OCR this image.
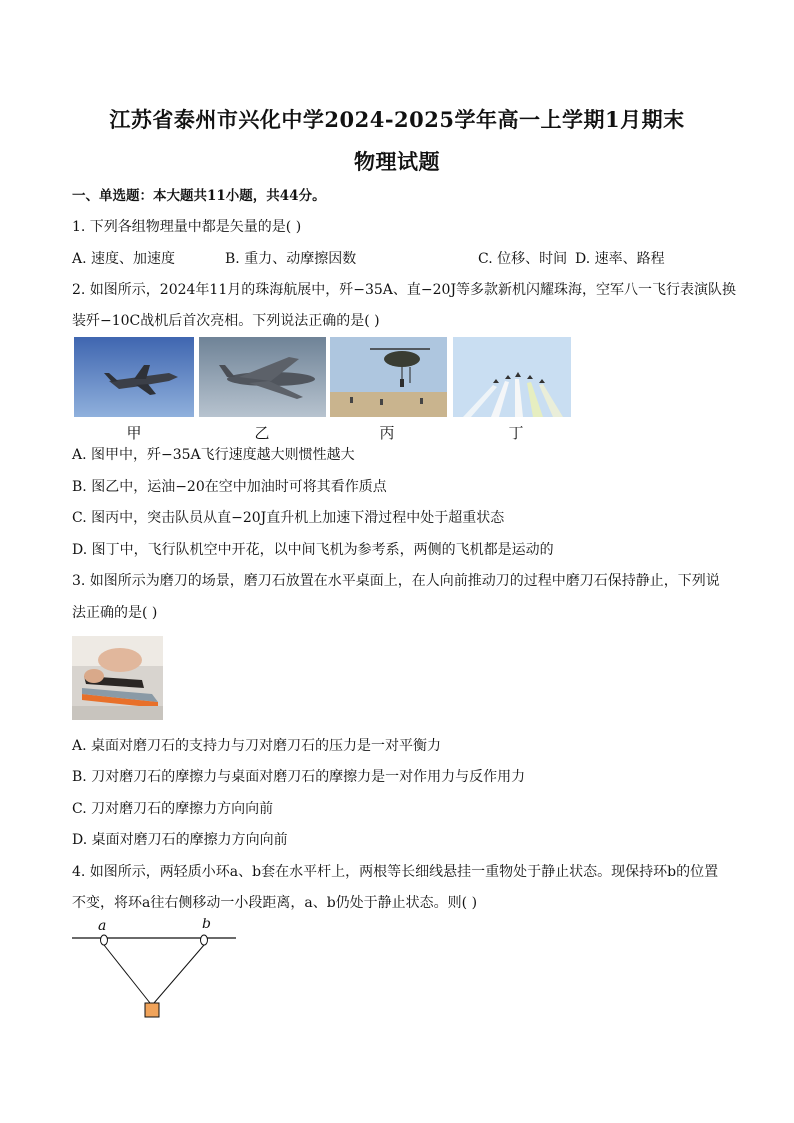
江苏省泰州市兴化中学2024-2025学年高一上学期1月期末
物理试题
一、单选题：本大题共11小题，共44分。
1. 下列各组物理量中都是矢量的是( )
A. 速度、加速度	B. 重力、动摩擦因数	C. 位移、时间 D. 速率、路程
2. 如图所示，2024年11月的珠海航展中，歼−35A、直−20J等多款新机闪耀珠海，空军八一飞行表演队换
装歼−10C战机后首次亮相。下列说法正确的是( )
甲	乙	丙	丁
A. 图甲中，歼−35A飞行速度越大则惯性越大
B. 图乙中，运油−20在空中加油时可将其看作质点
C. 图丙中，突击队员从直−20J直升机上加速下滑过程中处于超重状态
D. 图丁中，飞行队机空中开花，以中间飞机为参考系，两侧的飞机都是运动的
3. 如图所示为磨刀的场景，磨刀石放置在水平桌面上，在人向前推动刀的过程中磨刀石保持静止，下列说
法正确的是( )
A. 桌面对磨刀石的支持力与刀对磨刀石的压力是一对平衡力
B. 刀对磨刀石的摩擦力与桌面对磨刀石的摩擦力是一对作用力与反作用力
C. 刀对磨刀石的摩擦力方向向前
D. 桌面对磨刀石的摩擦力方向向前
4. 如图所示，两轻质小环a、b套在水平杆上，两根等长细线悬挂一重物处于静止状态。现保持环b的位置
不变，将环a往右侧移动一小段距离，a、b仍处于静止状态。则( )
a	b
